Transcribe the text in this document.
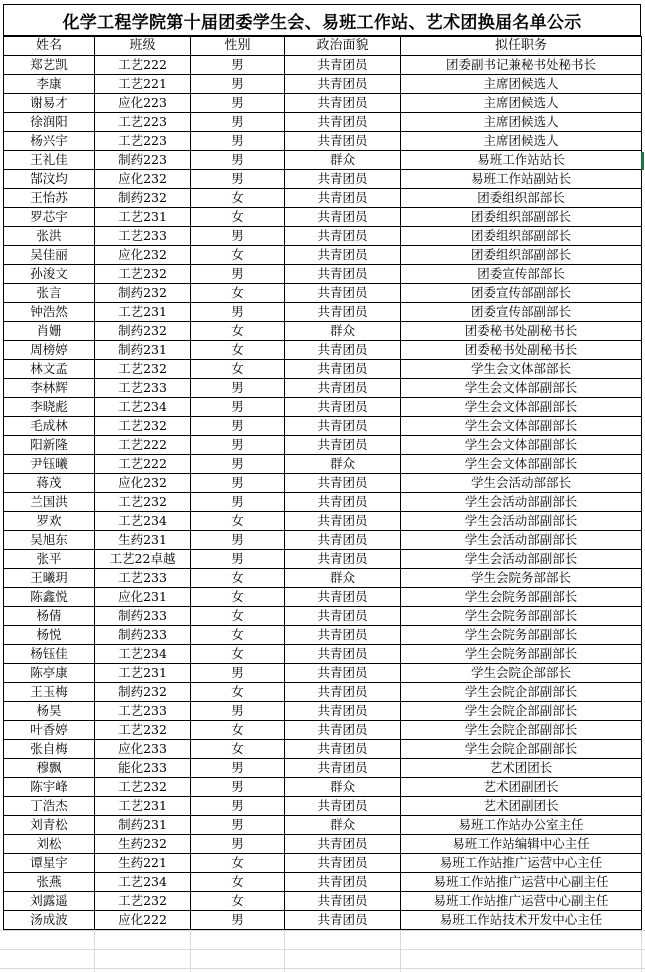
化学工程学院第十届团委学生会、易班工作站、艺术团换届名单公示
姓名	班级	性别	政治面貌	拟任职务
郑艺凯	工艺222	男	共青团员	团委副书记兼秘书处秘书长
李康	工艺221	男	共青团员	主席团候选人
谢易才	应化223	男	共青团员	主席团候选人
徐润阳	工艺223	男	共青团员	主席团候选人
杨兴宇	工艺223	男	共青团员	主席团候选人
王礼佳	制药223	男	群众	易班工作站站长
郜汶均	应化232	男	共青团员	易班工作站副站长
王怡苏	制药232	女	共青团员	团委组织部部长
罗芯宇	工艺231	女	共青团员	团委组织部副部长
张洪	工艺233	男	共青团员	团委组织部副部长
吴佳丽	应化232	女	共青团员	团委组织部副部长
孙浚文	工艺232	男	共青团员	团委宣传部部长
张言	制药232	女	共青团员	团委宣传部副部长
钟浩然	工艺231	男	共青团员	团委宣传部副部长
肖姗	制药232	女	群众	团委秘书处副秘书长
周榜婷	制药231	女	共青团员	团委秘书处副秘书长
林文孟	工艺232	女	共青团员	学生会文体部部长
李林辉	工艺233	男	共青团员	学生会文体部副部长
李晓彪	工艺234	男	共青团员	学生会文体部副部长
毛成林	工艺232	男	共青团员	学生会文体部副部长
阳新隆	工艺222	男	共青团员	学生会文体部副部长
尹钰曦	工艺222	男	群众	学生会文体部副部长
蒋茂	应化232	男	共青团员	学生会活动部部长
兰国洪	工艺232	男	共青团员	学生会活动部副部长
罗欢	工艺234	女	共青团员	学生会活动部副部长
吴旭东	生药231	男	共青团员	学生会活动部副部长
张平	工艺22卓越	男	共青团员	学生会活动部副部长
王曦玥	工艺233	女	群众	学生会院务部部长
陈鑫悦	应化231	女	共青团员	学生会院务部副部长
杨倩	制药233	女	共青团员	学生会院务部副部长
杨悦	制药233	女	共青团员	学生会院务部副部长
杨钰佳	工艺234	女	共青团员	学生会院务部副部长
陈亭康	工艺231	男	共青团员	学生会院企部部长
王玉梅	制药232	女	共青团员	学生会院企部副部长
杨昊	工艺233	男	共青团员	学生会院企部副部长
叶香婷	工艺232	女	共青团员	学生会院企部副部长
张自梅	应化233	女	共青团员	学生会院企部副部长
穆飘	能化233	男	共青团员	艺术团团长
陈宇峰	工艺232	男	群众	艺术团副团长
丁浩杰	工艺231	男	共青团员	艺术团副团长
刘青松	制药231	男	群众	易班工作站办公室主任
刘松	生药232	男	共青团员	易班工作站编辑中心主任
谭星宇	生药221	女	共青团员	易班工作站推广运营中心主任
张燕	工艺234	女	共青团员	易班工作站推广运营中心副主任
刘露遥	工艺232	女	共青团员	易班工作站推广运营中心副主任
汤成波	应化222	男	共青团员	易班工作站技术开发中心主任
